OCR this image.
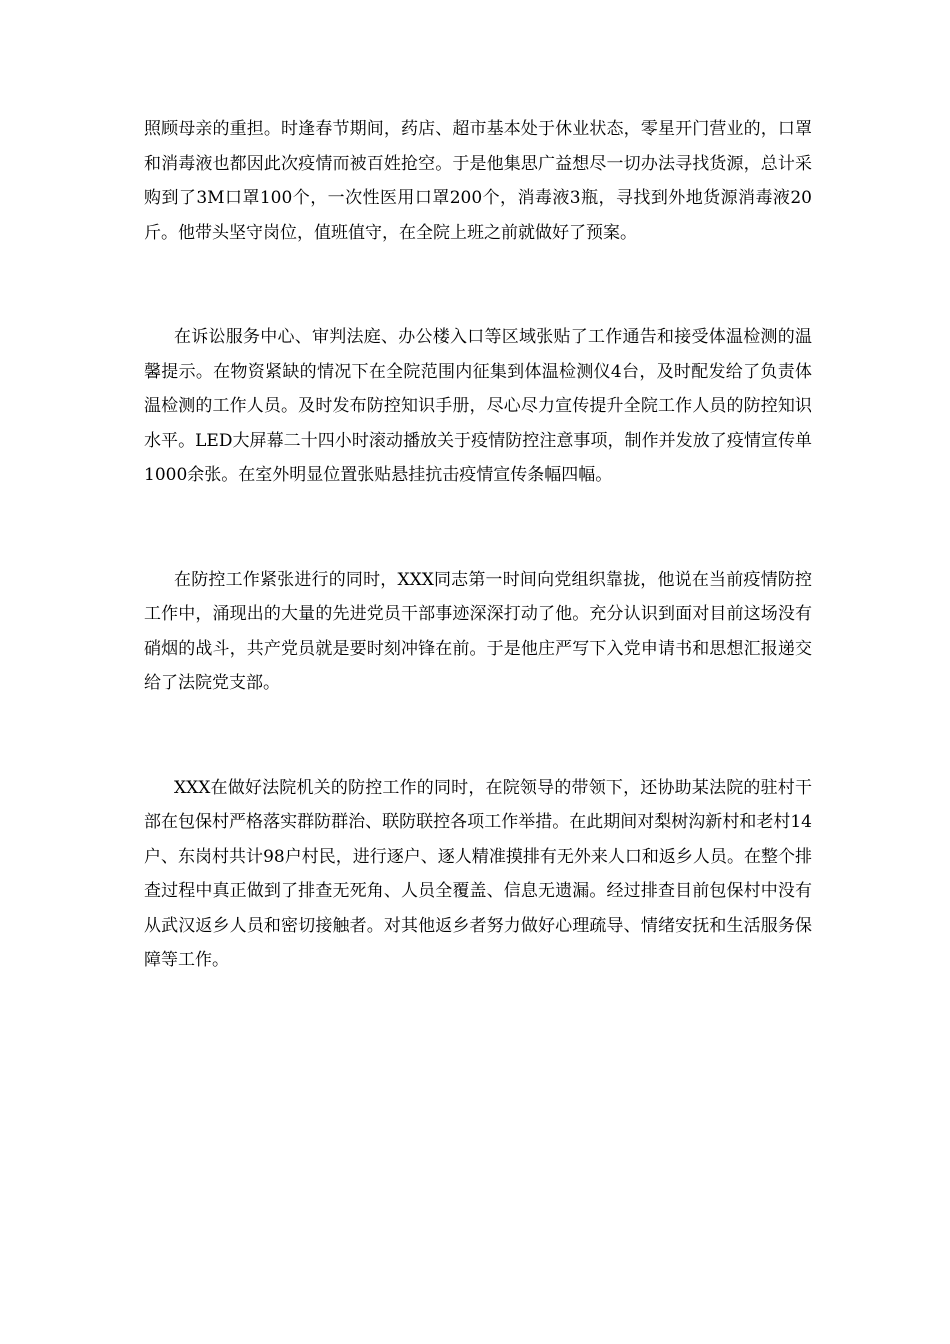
照顾母亲的重担。时逢春节期间，药店、超市基本处于休业状态，零星开门营业的，口罩和消毒液也都因此次疫情而被百姓抢空。于是他集思广益想尽一切办法寻找货源，总计采购到了3M口罩100个，一次性医用口罩200个，消毒液3瓶，寻找到外地货源消毒液20斤。他带头坚守岗位，值班值守，在全院上班之前就做好了预案。

在诉讼服务中心、审判法庭、办公楼入口等区域张贴了工作通告和接受体温检测的温馨提示。在物资紧缺的情况下在全院范围内征集到体温检测仪4台，及时配发给了负责体温检测的工作人员。及时发布防控知识手册，尽心尽力宣传提升全院工作人员的防控知识水平。LED大屏幕二十四小时滚动播放关于疫情防控注意事项，制作并发放了疫情宣传单1000余张。在室外明显位置张贴悬挂抗击疫情宣传条幅四幅。

在防控工作紧张进行的同时，XXX同志第一时间向党组织靠拢，他说在当前疫情防控工作中，涌现出的大量的先进党员干部事迹深深打动了他。充分认识到面对目前这场没有硝烟的战斗，共产党员就是要时刻冲锋在前。于是他庄严写下入党申请书和思想汇报递交给了法院党支部。

XXX在做好法院机关的防控工作的同时，在院领导的带领下，还协助某法院的驻村干部在包保村严格落实群防群治、联防联控各项工作举措。在此期间对梨树沟新村和老村14户、东岗村共计98户村民，进行逐户、逐人精准摸排有无外来人口和返乡人员。在整个排查过程中真正做到了排查无死角、人员全覆盖、信息无遗漏。经过排查目前包保村中没有从武汉返乡人员和密切接触者。对其他返乡者努力做好心理疏导、情绪安抚和生活服务保障等工作。
